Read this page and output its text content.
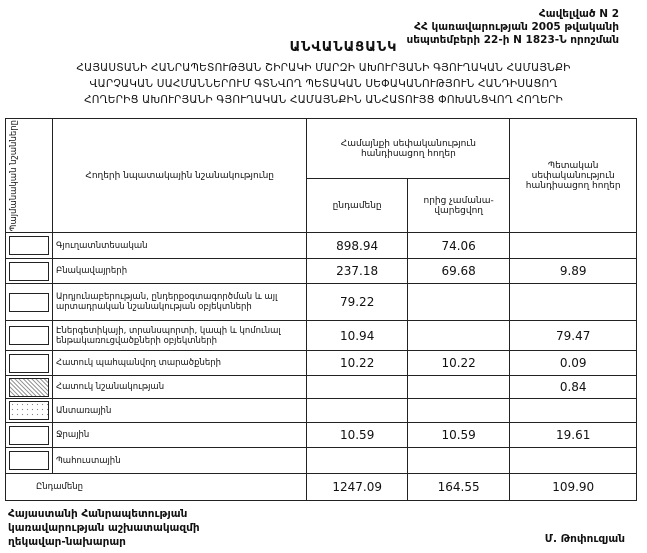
Հավելված N 2
ՀՀ կառավարության 2005 թվականի
սեպտեմբերի 22-ի N 1823-Ն որոշման
ԱՆՎԱՆԱՑԱՆԿ
ՀԱՅԱՍՏԱՆԻ ՀԱՆՐԱՊԵՏՈՒԹՅԱՆ ՇԻՐԱԿԻ ՄԱՐԶԻ ԱԽՈՒՐՅԱՆԻ ԳՅՈՒՂԱԿԱՆ ՀԱՄԱՅՆՔԻ
ՎԱՐՉԱԿԱՆ ՍԱՀՄԱՆՆԵՐՈՒՄ ԳՏՆՎՈՂ ՊԵՏԱԿԱՆ ՍԵՓԱԿԱՆՈՒԹՅՈՒՆ ՀԱՆԴԻՍԱՑՈՂ
ՀՈՂԵՐԻՑ ԱԽՈՒՐՅԱՆԻ ԳՅՈՒՂԱԿԱՆ ՀԱՄԱՅՆՔԻՆ ԱՆՀԱՏՈՒՅՑ ՓՈԽԱՆՑՎՈՂ ՀՈՂԵՐԻ
Պայմանական նշանները	Հողերի նպատակային նշանակությունը	Համայնքի սեփականություն հանդիսացող հողեր		Պետական սեփականություն հանդիսացող հողեր
		ընդամենը	որից չամանա-վարեցվող	

	Գյուղատնտեսական	898.94	74.06	

	Բնակավայրերի	237.18	69.68	9.89

	Արդյունաբերության, ընդերքօգտագործման և այլ արտադրական նշանակության օբյեկտների	79.22		

	Էներգետիկայի, տրանսպորտի, կապի և կոմունալ ենթակառուցվածքների օբյեկտների	10.94		79.47

	Հատուկ պահպանվող տարածքների	10.22	10.22	0.09

	Հատուկ նշանակության			0.84

	Անտառային			

	Ջրային	10.59	10.59	19.61

	Պահուստային			
Ընդամենը		1247.09	164.55	109.90
Հայաստանի Հանրապետության
կառավարության աշխատակազմի
ղեկավար-նախարար	Մ. Թոփուզյան
